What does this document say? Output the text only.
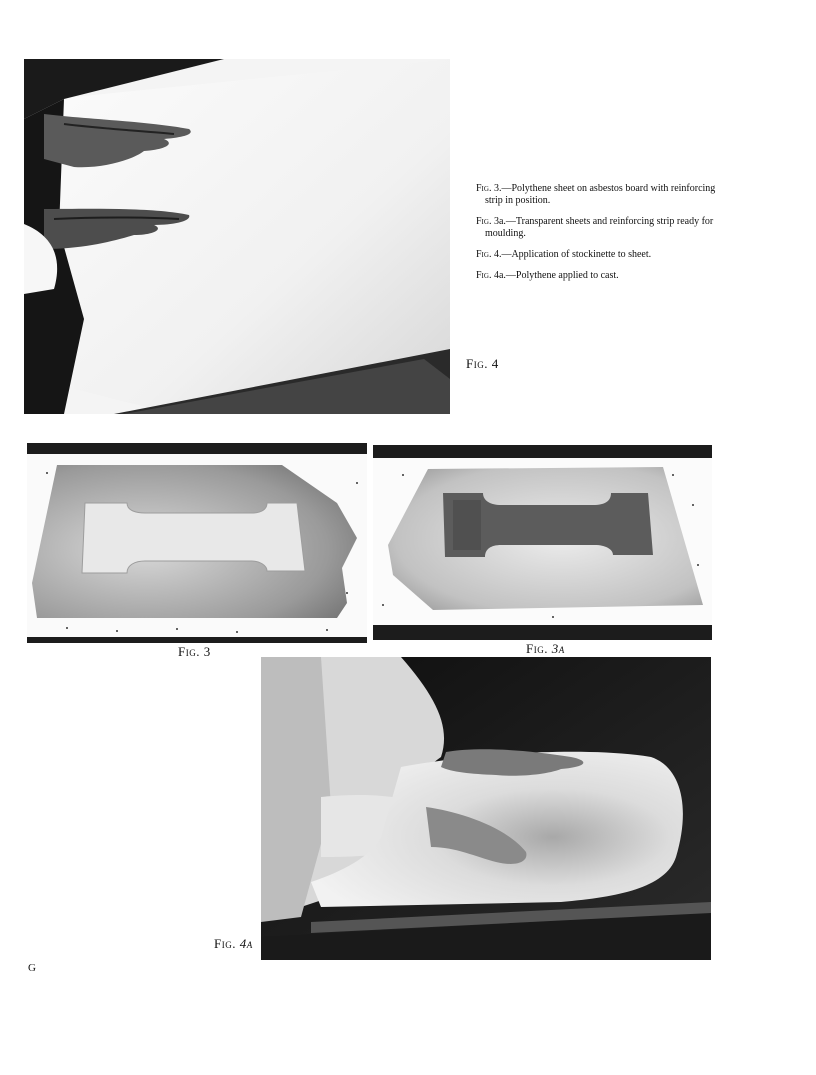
Fig. 3.—Polythene sheet on asbestos board with reinforcing strip in position.

Fig. 3a.—Transparent sheets and reinforcing strip ready for moulding.

Fig. 4.—Application of stockinette to sheet.

Fig. 4a.—Polythene applied to cast.

Fig. 4
Fig. 3	Fig. 3a
Fig. 4a
G
